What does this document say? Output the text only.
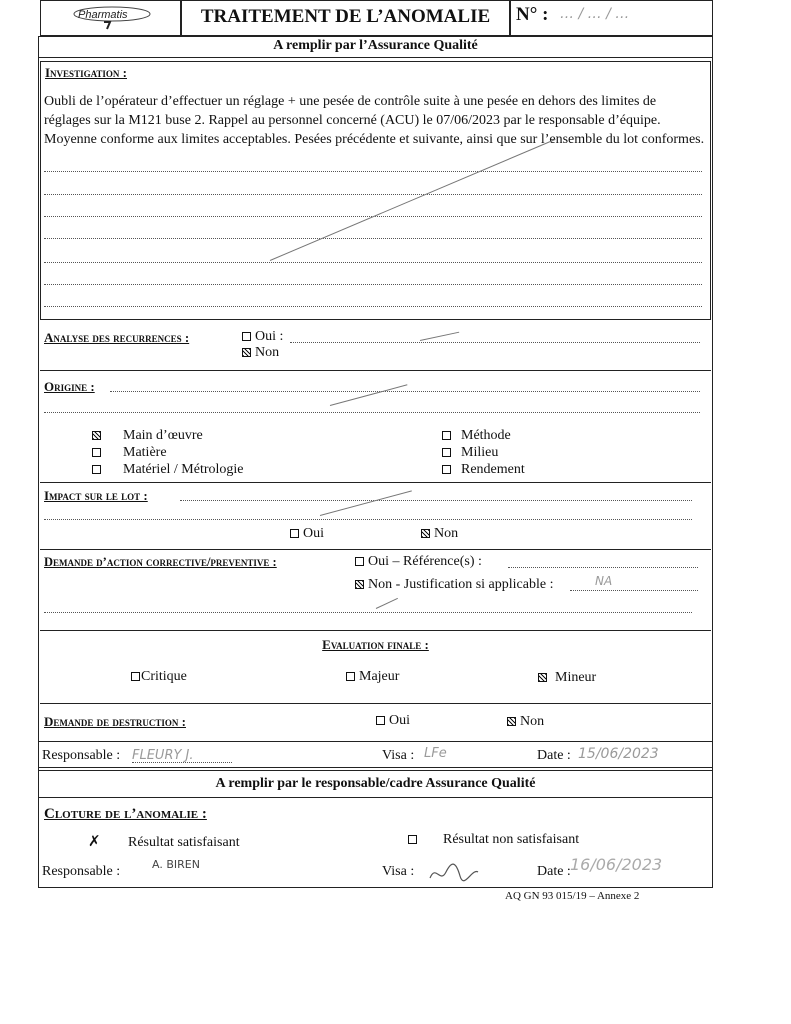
Pharmatis	TRAITEMENT DE L’ANOMALIE	N° : … / … / …
A remplir par l’Assurance Qualité
Investigation :
Oubli de l’opérateur d’effectuer un réglage + une pesée de contrôle suite à une pesée en dehors des limites de réglages sur la M121 buse 2. Rappel au personnel concerné (ACU) le 07/06/2023 par le responsable d’équipe. Moyenne conforme aux limites acceptables. Pesées précédente et suivante, ainsi que sur l’ensemble du lot conformes.
Analyse des recurrences :	Oui :
Non
Origine :
Main d’œuvre
Matière
Matériel / Métrologie
Méthode
Milieu
Rendement
Impact sur le lot :
Oui	Non
Demande d’action corrective/preventive :	Oui – Référence(s) :
Non - Justification si applicable :	NA
Evaluation finale :
Critique	Majeur	Mineur
Demande de destruction :	Oui	Non
Responsable : FLEURY J.	Visa : LFe	Date : 15/06/2023
A remplir par le responsable/cadre Assurance Qualité
Cloture de l’anomalie :
✗ Résultat satisfaisant	Résultat non satisfaisant
Responsable :	A. BIREN	Visa :	Date : 16/06/2023
AQ GN 93 015/19 – Annexe 2
